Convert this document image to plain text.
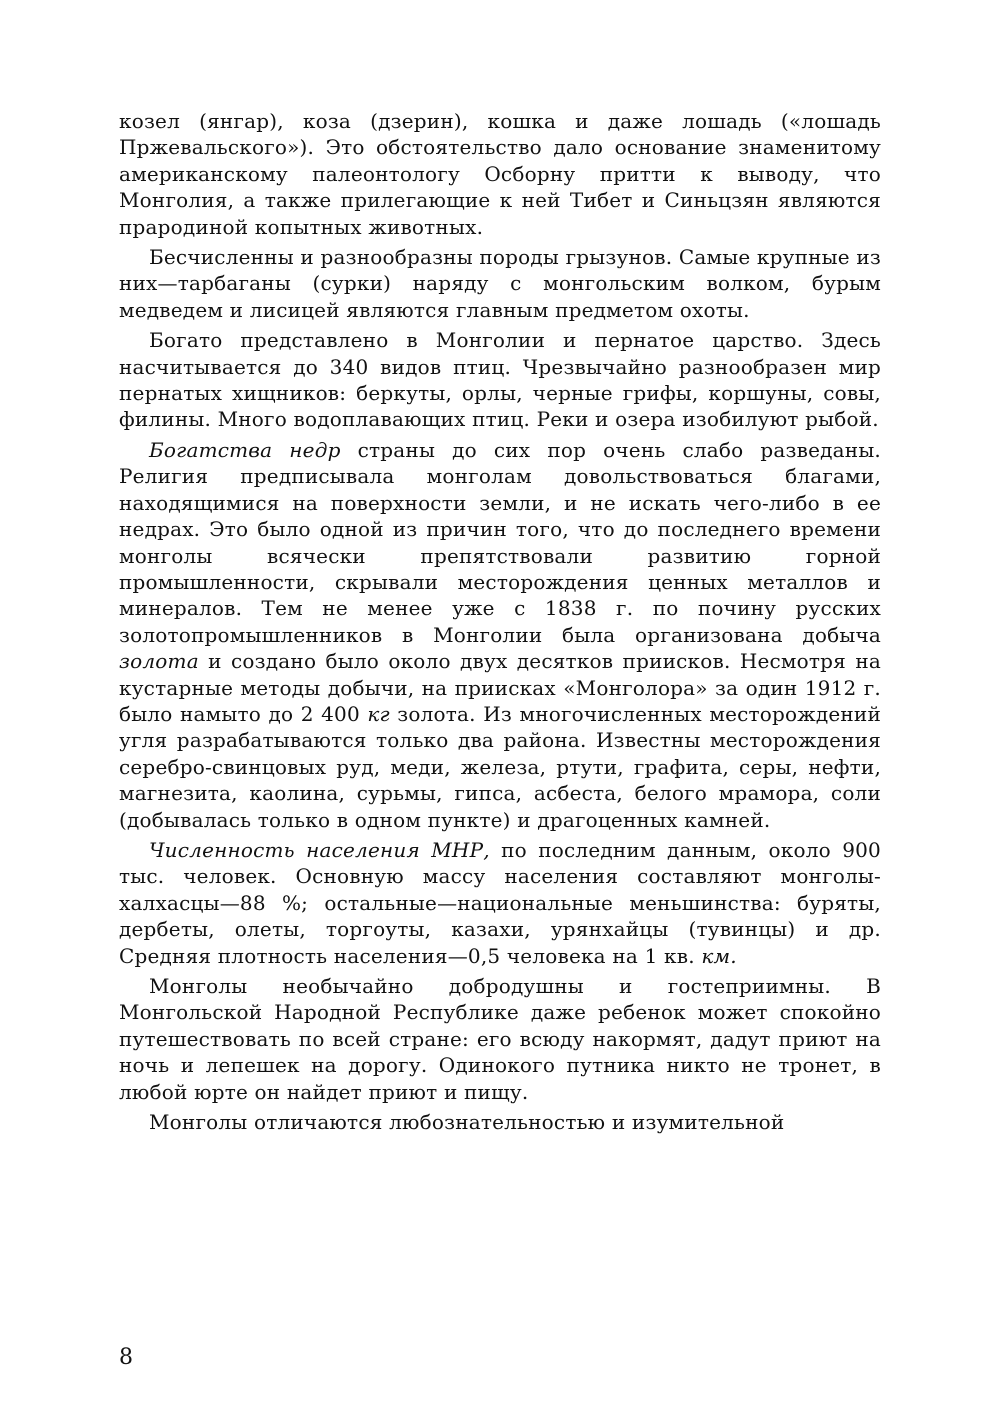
козел (янгар), коза (дзерин), кошка и даже лошадь («лошадь Пржевальского»). Это обстоятельство дало основание знаменитому американскому палеонтологу Осборну притти к выводу, что Монголия, а также прилегающие к ней Тибет и Синьцзян являются прародиной копытных животных.

Бесчисленны и разнообразны породы грызунов. Самые крупные из них—тарбаганы (сурки) наряду с монгольским волком, бурым медведем и лисицей являются главным предметом охоты.

Богато представлено в Монголии и пернатое царство. Здесь насчитывается до 340 видов птиц. Чрезвычайно разнообразен мир пернатых хищников: беркуты, орлы, черные грифы, коршуны, совы, филины. Много водоплавающих птиц. Реки и озера изобилуют рыбой.

Богатства недр страны до сих пор очень слабо разведаны. Религия предписывала монголам довольствоваться благами, находящимися на поверхности земли, и не искать чего-либо в ее недрах. Это было одной из причин того, что до последнего времени монголы всячески препятствовали развитию горной промышленности, скрывали месторождения ценных металлов и минералов. Тем не менее уже с 1838 г. по почину русских золотопромышленников в Монголии была организована добыча золота и создано было около двух десятков приисков. Несмотря на кустарные методы добычи, на приисках «Монголора» за один 1912 г. было намыто до 2 400 кг золота. Из многочисленных месторождений угля разрабатываются только два района. Известны месторождения серебро-свинцовых руд, меди, железа, ртути, графита, серы, нефти, магнезита, каолина, сурьмы, гипса, асбеста, белого мрамора, соли (добывалась только в одном пункте) и драгоценных камней.

Численность населения МНР, по последним данным, около 900 тыс. человек. Основную массу населения составляют монголы-халхасцы—88 %; остальные—национальные меньшинства: буряты, дербеты, олеты, торгоуты, казахи, урянхайцы (тувинцы) и др. Средняя плотность населения—0,5 человека на 1 кв. км.

Монголы необычайно добродушны и гостеприимны. В Монгольской Народной Республике даже ребенок может спокойно путешествовать по всей стране: его всюду накормят, дадут приют на ночь и лепешек на дорогу. Одинокого путника никто не тронет, в любой юрте он найдет приют и пищу.

Монголы отличаются любознательностью и изумительной

8
